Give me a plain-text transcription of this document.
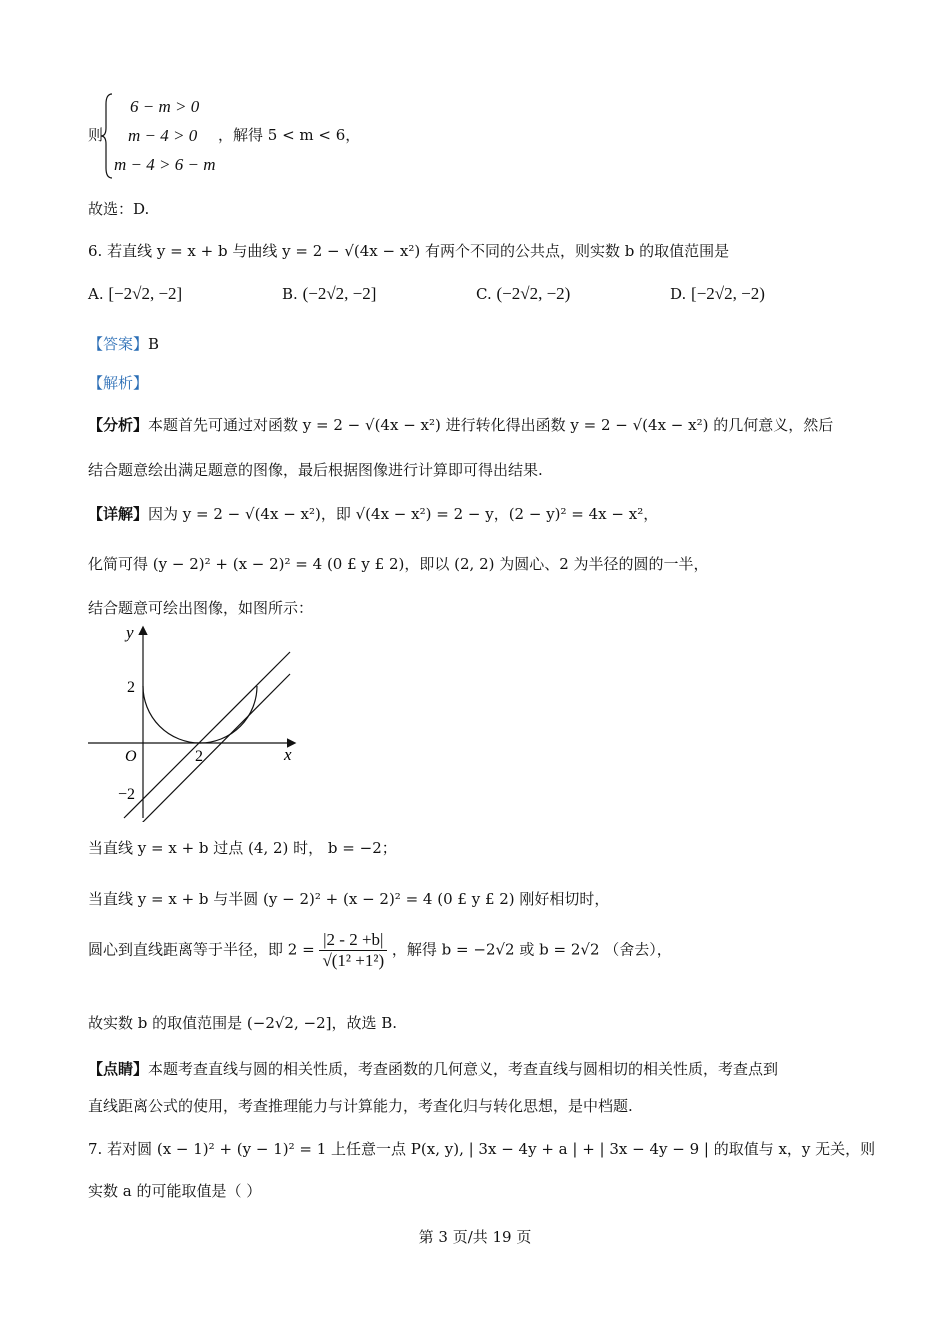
则
6 − m > 0
m − 4 > 0
m − 4 > 6 − m
，解得 5 < m < 6，
故选：D.
6. 若直线 y = x + b 与曲线 y = 2 − √(4x − x²) 有两个不同的公共点，则实数 b 的取值范围是
A. [−2√2, −2]	B. (−2√2, −2]	C. (−2√2, −2)	D. [−2√2, −2)
【答案】B
【解析】
【分析】本题首先可通过对函数 y = 2 − √(4x − x²) 进行转化得出函数 y = 2 − √(4x − x²) 的几何意义，然后
结合题意绘出满足题意的图像，最后根据图像进行计算即可得出结果.
【详解】因为 y = 2 − √(4x − x²)，即 √(4x − x²) = 2 − y，(2 − y)² = 4x − x²，
化简可得 (y − 2)² + (x − 2)² = 4 (0 £ y £ 2)，即以 (2, 2) 为圆心、2 为半径的圆的一半，
结合题意可绘出图像，如图所示：
y
x
O
2
2
−2
当直线 y = x + b 过点 (4, 2) 时， b = −2；
当直线 y = x + b 与半圆 (y − 2)² + (x − 2)² = 4 (0 £ y £ 2) 刚好相切时，
圆心到直线距离等于半径，即 $2 = \frac{|2 - 2 +b|}{\text{√(1² +1²)}}$ ，解得 b = −2√2 或 b = 2√2 （舍去），
故实数 b 的取值范围是 (−2√2, −2]，故选 B.
【点睛】本题考查直线与圆的相关性质，考查函数的几何意义，考查直线与圆相切的相关性质，考查点到
直线距离公式的使用，考查推理能力与计算能力，考查化归与转化思想，是中档题.
7. 若对圆 (x − 1)² + (y − 1)² = 1 上任意一点 P(x, y), | 3x − 4y + a | + | 3x − 4y − 9 | 的取值与 x，y 无关，则
实数 a 的可能取值是（ ）
第 3 页/共 19 页
